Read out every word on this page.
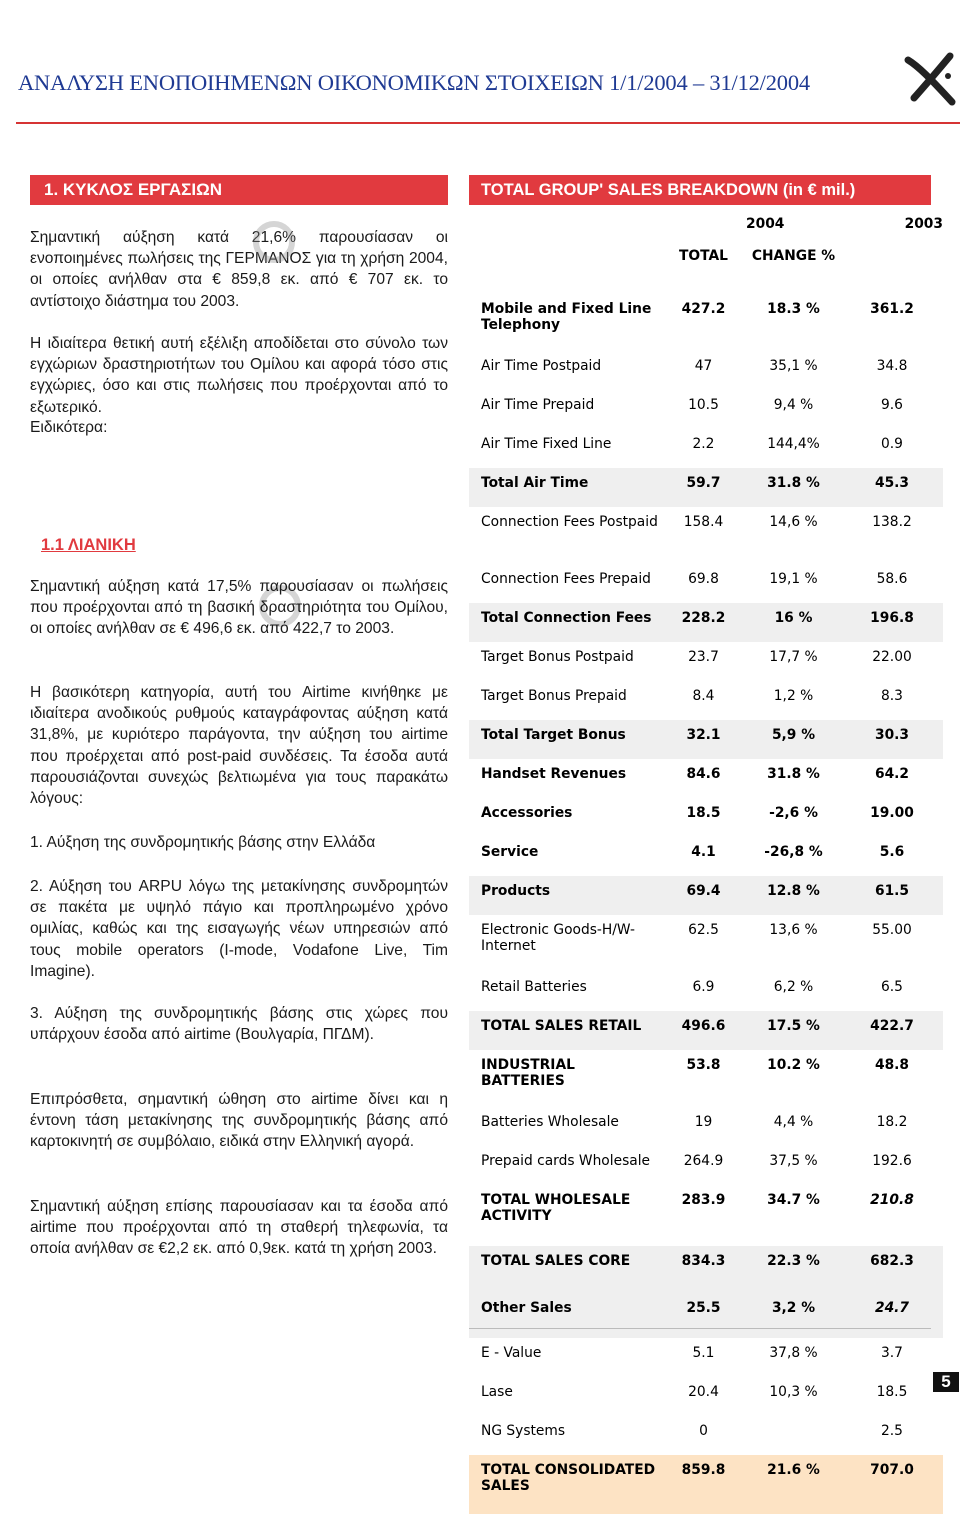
ΑΝΑΛΥΣΗ ΕΝΟΠΟΙΗΜΕΝΩΝ ΟΙΚΟΝΟΜΙΚΩΝ ΣΤΟΙΧΕΙΩΝ 1/1/2004 – 31/12/2004
1. ΚΥΚΛΟΣ ΕΡΓΑΣΙΩΝ

Σημαντική αύξηση κατά 21,6% παρουσίασαν οι ενοποιημένες πωλήσεις της ΓΕΡΜΑΝΟΣ για τη χρήση 2004, οι οποίες ανήλθαν στα € 859,8 εκ. από € 707 εκ. το αντίστοιχο διάστημα του 2003.

Η ιδιαίτερα θετική αυτή εξέλιξη αποδίδεται στο σύνολο των εγχώριων δραστηριοτήτων του Ομίλου και αφορά τόσο στις εγχώριες, όσο και στις πωλήσεις που προέρχονται από το εξωτερικό.

Ειδικότερα:

1.1 ΛΙΑΝΙΚΗ

Σημαντική αύξηση κατά 17,5% παρουσίασαν οι πωλήσεις που προέρχονται από τη βασική δραστηριότητα του Ομίλου, οι οποίες ανήλθαν σε € 496,6 εκ. από 422,7 το 2003.

Η βασικότερη κατηγορία, αυτή του Airtime κινήθηκε με ιδιαίτερα ανοδικούς ρυθμούς καταγράφοντας αύξηση κατά 31,8%, με κυριότερο παράγοντα, την αύξηση του airtime που προέρχεται από post-paid συνδέσεις. Τα έσοδα αυτά παρουσιάζονται συνεχώς βελτιωμένα για τους παρακάτω λόγους:

1. Αύξηση της συνδρομητικής βάσης στην Ελλάδα

2. Αύξηση του ARPU λόγω της μετακίνησης συνδρομητών σε πακέτα με υψηλό πάγιο και προπληρωμένο χρόνο ομιλίας, καθώς και της εισαγωγής νέων υπηρεσιών από τους mobile operators (I-mode, Vodafone Live, Tim Imagine).

3. Αύξηση της συνδρομητικής βάσης στις χώρες που υπάρχουν έσοδα από airtime (Βουλγαρία, ΠΓΔΜ).

Επιπρόσθετα, σημαντική ώθηση στο airtime δίνει και η έντονη τάση μετακίνησης της συνδρομητικής βάσης από καρτοκινητή σε συμβόλαιο, ειδικά στην Ελληνική αγορά.

Σημαντική αύξηση επίσης παρουσίασαν και τα έσοδα από airtime που προέρχονται από τη σταθερή τηλεφωνία, τα οποία ανήλθαν σε €2,2 εκ. από 0,9εκ. κατά τη χρήση 2003.

TOTAL GROUP' SALES BREAKDOWN (in € mil.)
		2004	2003
	TOTAL	CHANGE %	
Mobile and Fixed Line Telephony	427.2	18.3 %	361.2
Air Time Postpaid	47	35,1 %	34.8
Air Time Prepaid	10.5	9,4 %	9.6
Air Time Fixed Line	2.2	144,4%	0.9
Total Air Time	59.7	31.8 %	45.3
Connection Fees Postpaid	158.4	14,6 %	138.2
Connection Fees Prepaid	69.8	19,1 %	58.6
Total Connection Fees	228.2	16 %	196.8
Target Bonus Postpaid	23.7	17,7 %	22.00
Target Bonus Prepaid	8.4	1,2 %	8.3
Total Target Bonus	32.1	5,9 %	30.3
Handset Revenues	84.6	31.8 %	64.2
Accessories	18.5	-2,6 %	19.00
Service	4.1	-26,8 %	5.6
Products	69.4	12.8 %	61.5
Electronic Goods-H/W-Internet	62.5	13,6 %	55.00
Retail Batteries	6.9	6,2 %	6.5
TOTAL SALES RETAIL	496.6	17.5 %	422.7
INDUSTRIAL BATTERIES	53.8	10.2 %	48.8
Batteries Wholesale	19	4,4 %	18.2
Prepaid cards Wholesale	264.9	37,5 %	192.6
TOTAL WHOLESALE ACTIVITY	283.9	34.7 %	210.8
TOTAL SALES CORE	834.3	22.3 %	682.3
Other Sales	25.5	3,2 %	24.7
E - Value	5.1	37,8 %	3.7
Lase	20.4	10,3 %	18.5
NG Systems	0		2.5
TOTAL CONSOLIDATED SALES	859.8	21.6 %	707.0
5
